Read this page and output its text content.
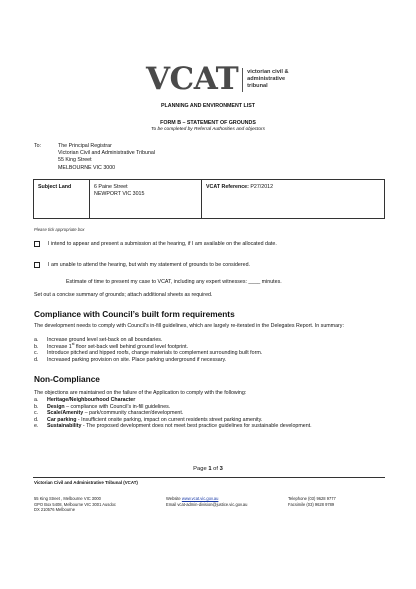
VCAT victorian civil &
administrative
tribunal
PLANNING AND ENVIRONMENT LIST
FORM B – STATEMENT OF GROUNDS
To be completed by Referral Authorities and objectors
To:	The Principal Registrar
Victorian Civil and Administrative Tribunal
55 King Street
MELBOURNE VIC 3000
Subject Land	6 Paine Street
NEWPORT VIC 3015
VCAT Reference: P27/2012
Please tick appropriate box
I intend to appear and present a submission at the hearing, if I am available on the allocated date.
I am unable to attend the hearing, but wish my statement of grounds to be considered.
Estimate of time to present my case to VCAT, including any expert witnesses: ____ minutes.
Set out a concise summary of grounds; attach additional sheets as required.
Compliance with Council’s built form requirements
The development needs to comply with Council’s in-fill guidelines, which are largely re-iterated in the Delegates Report. In summary:
a.	Increase ground level set-back on all boundaries.
b.	Increase 1st floor set-back well behind ground level footprint.
c.	Introduce pitched and hipped roofs, change materials to complement surrounding built form.
d.	Increased parking provision on site. Place parking underground if necessary.
Non-Compliance
The objections are maintained on the failure of the Application to comply with the following:
a.	Heritage/Neighbourhood Character
b.	Design – compliance with Council’s in-fill guidelines.
c.	Scale/Amenity – park/community character/development.
d.	Car parking - Insufficient onsite parking, impact on current residents street parking amenity.
e.	Sustainability - The proposed development does not meet best practice guidelines for sustainable development.
Page 1 of 3
Victorian Civil and Administrative Tribunal (VCAT)
55 King Street , Melbourne VIC 3000
GPO Box 5408, Melbourne VIC 3001 Ausdoc
DX 210576 Melbourne
Website www.vcat.vic.gov.au
Email vcat-admin-division@justice.vic.gov.au
Telephone (03) 9628 9777
Facsimile (03) 9628 9789
